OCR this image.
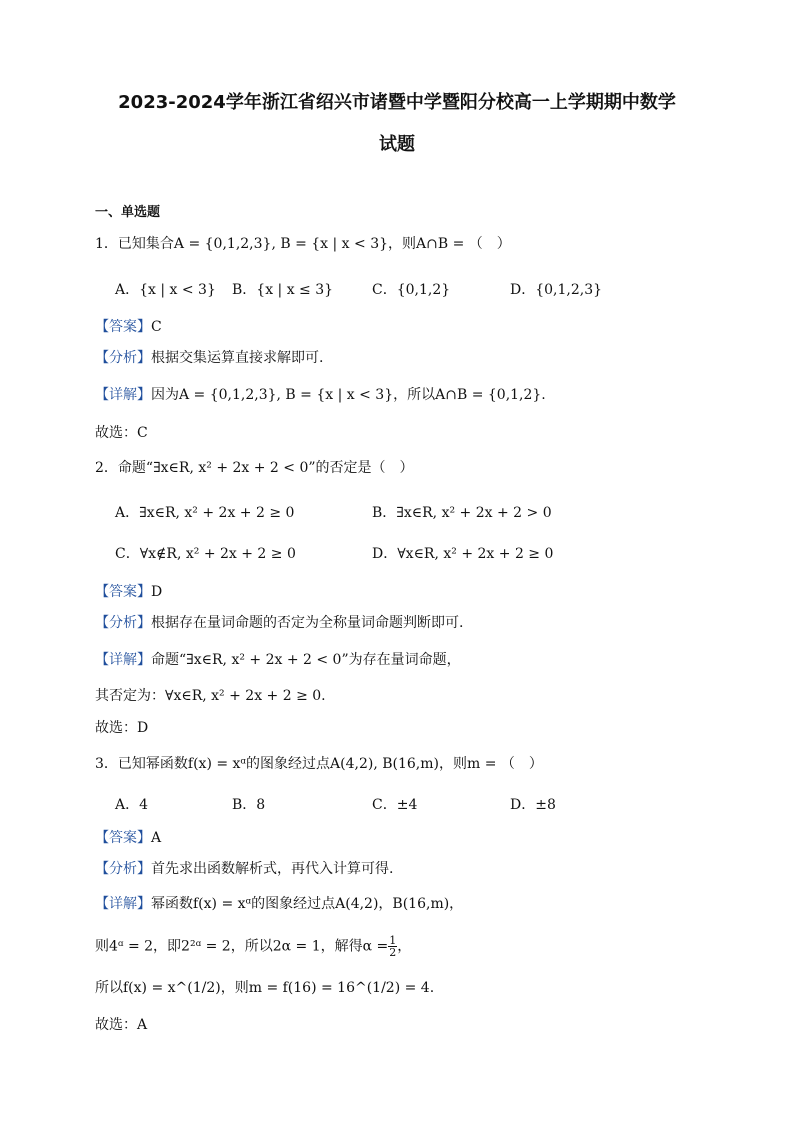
2023-2024学年浙江省绍兴市诸暨中学暨阳分校高一上学期期中数学
试题
一、单选题
1．已知集合A = {0,1,2,3}, B = {x | x < 3}，则A∩B = （　）
A．{x | x < 3} B．{x | x ≤ 3}	C．{0,1,2}	D．{0,1,2,3}
【答案】C
【分析】根据交集运算直接求解即可.
【详解】因为A = {0,1,2,3}, B = {x | x < 3}，所以A∩B = {0,1,2}.
故选：C
2．命题“∃x∈R, x² + 2x + 2 < 0”的否定是（　）
A．∃x∈R, x² + 2x + 2 ≥ 0	B．∃x∈R, x² + 2x + 2 > 0
C．∀x∉R, x² + 2x + 2 ≥ 0	D．∀x∈R, x² + 2x + 2 ≥ 0
【答案】D
【分析】根据存在量词命题的否定为全称量词命题判断即可.
【详解】命题“∃x∈R, x² + 2x + 2 < 0”为存在量词命题，
其否定为：∀x∈R, x² + 2x + 2 ≥ 0.
故选：D
3．已知幂函数f(x) = xᵅ的图象经过点A(4,2), B(16,m)，则m = （　）
A．4	B．8	C．±4	D．±8
【答案】A
【分析】首先求出函数解析式，再代入计算可得.
【详解】幂函数f(x) = xᵅ的图象经过点A(4,2)，B(16,m)，
则4ᵅ = 2，即2²ᵅ = 2，所以2α = 1，解得$\alpha = \frac{1}{2}$ ，
所以f(x) = x^(1/2)，则m = f(16) = 16^(1/2) = 4.
故选：A
